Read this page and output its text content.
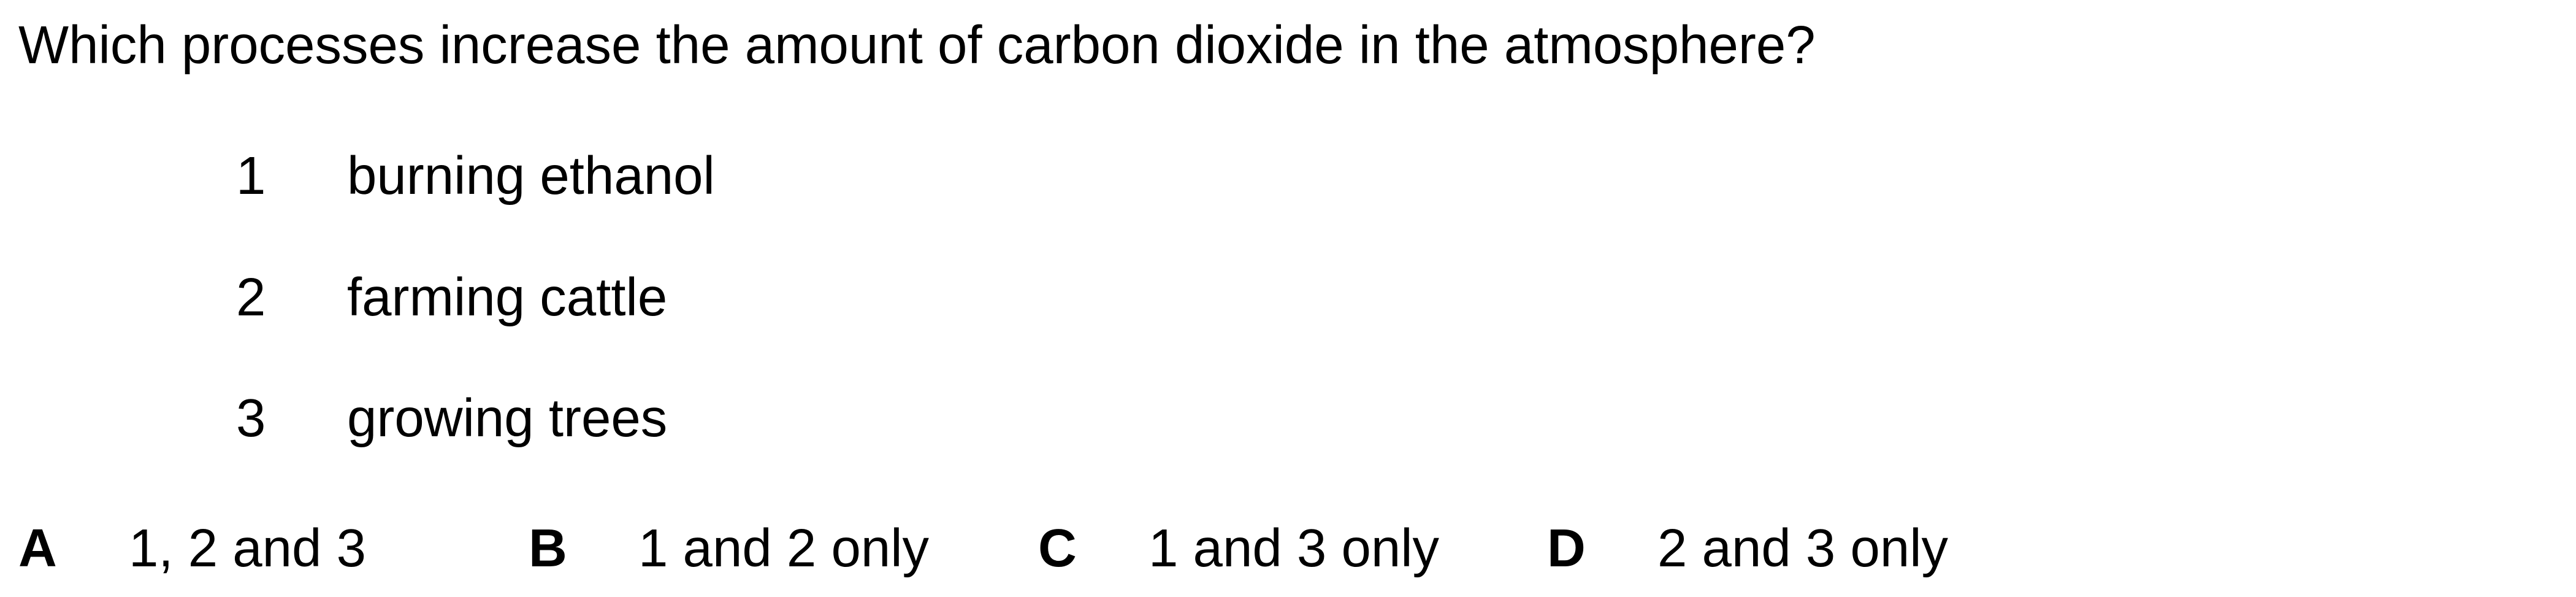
Which processes increase the amount of carbon dioxide in the atmosphere?
1 burning ethanol
2 farming cattle
3 growing trees
A 1, 2 and 3	B 1 and 2 only C 1 and 3 only D 2 and 3 only
